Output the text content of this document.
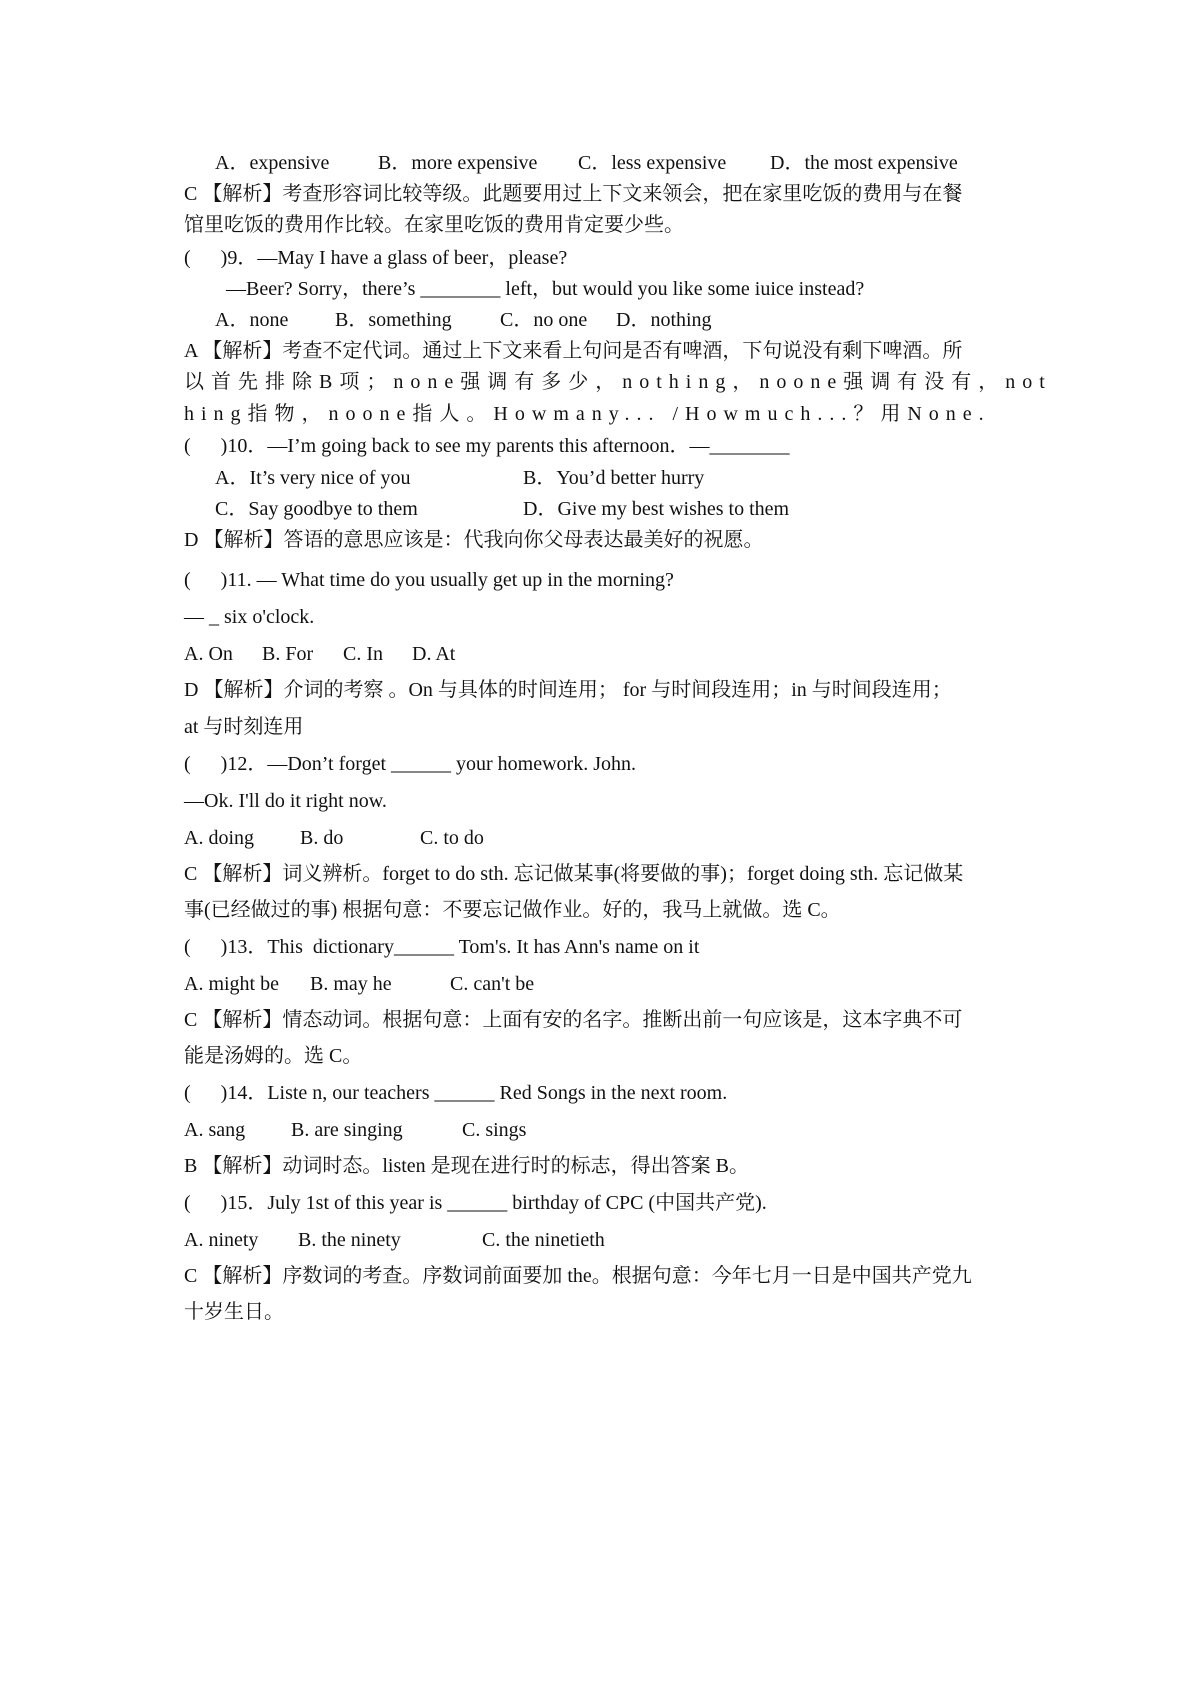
A．expensive B．more expensive C．less expensive D．the most expensive
C 【解析】考查形容词比较等级。此题要用过上下文来领会，把在家里吃饭的费用与在餐
馆里吃饭的费用作比较。在家里吃饭的费用肯定要少些。
(      )9．—May I have a glass of beer，please?
—Beer? Sorry，there’s ________ left，but would you like some iuice instead?
A．none B．something C．no one D．nothing
A 【解析】考查不定代词。通过上下文来看上句问是否有啤酒，下句说没有剩下啤酒。所
以首先排除B项；none强调有多少，nothing，noone强调有没有，not
hing指物，noone指人。Howmany... /Howmuch...？用None.
(      )10．—I’m going back to see my parents this afternoon．—________
A．It’s very nice of you	B．You’d better hurry
C．Say goodbye to them	D．Give my best wishes to them
D 【解析】答语的意思应该是：代我向你父母表达最美好的祝愿。
(      )11. — What time do you usually get up in the morning?
— _ six o'clock.
A. On B. For C. In D. At
D 【解析】介词的考察 。On 与具体的时间连用； for 与时间段连用；in 与时间段连用；
at 与时刻连用
(      )12．—Don’t forget ______ your homework. John.
—Ok. I'll do it right now.
A. doing B. do	C. to do
C 【解析】词义辨析。forget to do sth. 忘记做某事(将要做的事)；forget doing sth. 忘记做某
事(已经做过的事) 根据句意：不要忘记做作业。好的，我马上就做。选 C。
(      )13．This  dictionary______ Tom's. It has Ann's name on it
A. might be B. may he	C. can't be
C 【解析】情态动词。根据句意：上面有安的名字。推断出前一句应该是，这本字典不可
能是汤姆的。选 C。
(      )14．Liste n, our teachers ______ Red Songs in the next room.
A. sang B. are singing	C. sings
B 【解析】动词时态。listen 是现在进行时的标志，得出答案 B。
(      )15．July 1st of this year is ______ birthday of CPC (中国共产党).
A. ninety B. the ninety	C. the ninetieth
C 【解析】序数词的考查。序数词前面要加 the。根据句意：今年七月一日是中国共产党九
十岁生日。
